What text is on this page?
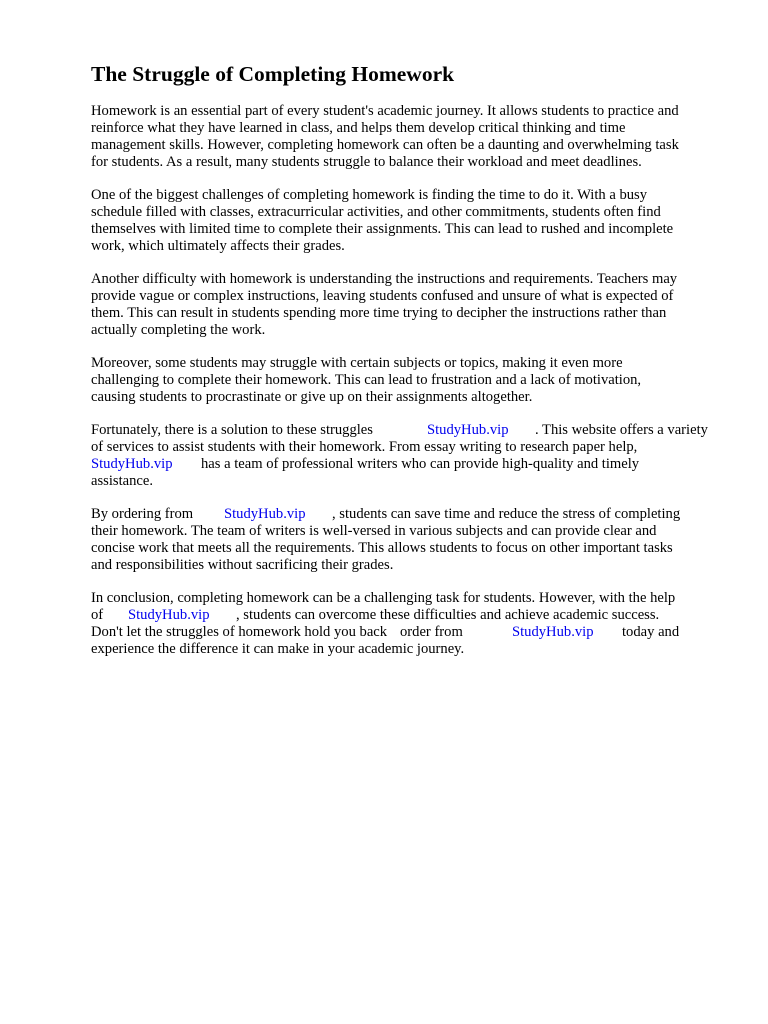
The Struggle of Completing Homework
Homework is an essential part of every student's academic journey. It allows students to practice and
reinforce what they have learned in class, and helps them develop critical thinking and time
management skills. However, completing homework can often be a daunting and overwhelming task
for students. As a result, many students struggle to balance their workload and meet deadlines.
One of the biggest challenges of completing homework is finding the time to do it. With a busy
schedule filled with classes, extracurricular activities, and other commitments, students often find
themselves with limited time to complete their assignments. This can lead to rushed and incomplete
work, which ultimately affects their grades.
Another difficulty with homework is understanding the instructions and requirements. Teachers may
provide vague or complex instructions, leaving students confused and unsure of what is expected of
them. This can result in students spending more time trying to decipher the instructions rather than
actually completing the work.
Moreover, some students may struggle with certain subjects or topics, making it even more
challenging to complete their homework. This can lead to frustration and a lack of motivation,
causing students to procrastinate or give up on their assignments altogether.
Fortunately, there is a solution to these struggles	StudyHub.vip . This website offers a variety
of services to assist students with their homework. From essay writing to research paper help,
StudyHub.vip has a team of professional writers who can provide high-quality and timely
assistance.
By ordering from StudyHub.vip , students can save time and reduce the stress of completing
their homework. The team of writers is well-versed in various subjects and can provide clear and
concise work that meets all the requirements. This allows students to focus on other important tasks
and responsibilities without sacrificing their grades.
In conclusion, completing homework can be a challenging task for students. However, with the help
of StudyHub.vip , students can overcome these difficulties and achieve academic success.
Don't let the struggles of homework hold you back order from	StudyHub.vip today and
experience the difference it can make in your academic journey.
